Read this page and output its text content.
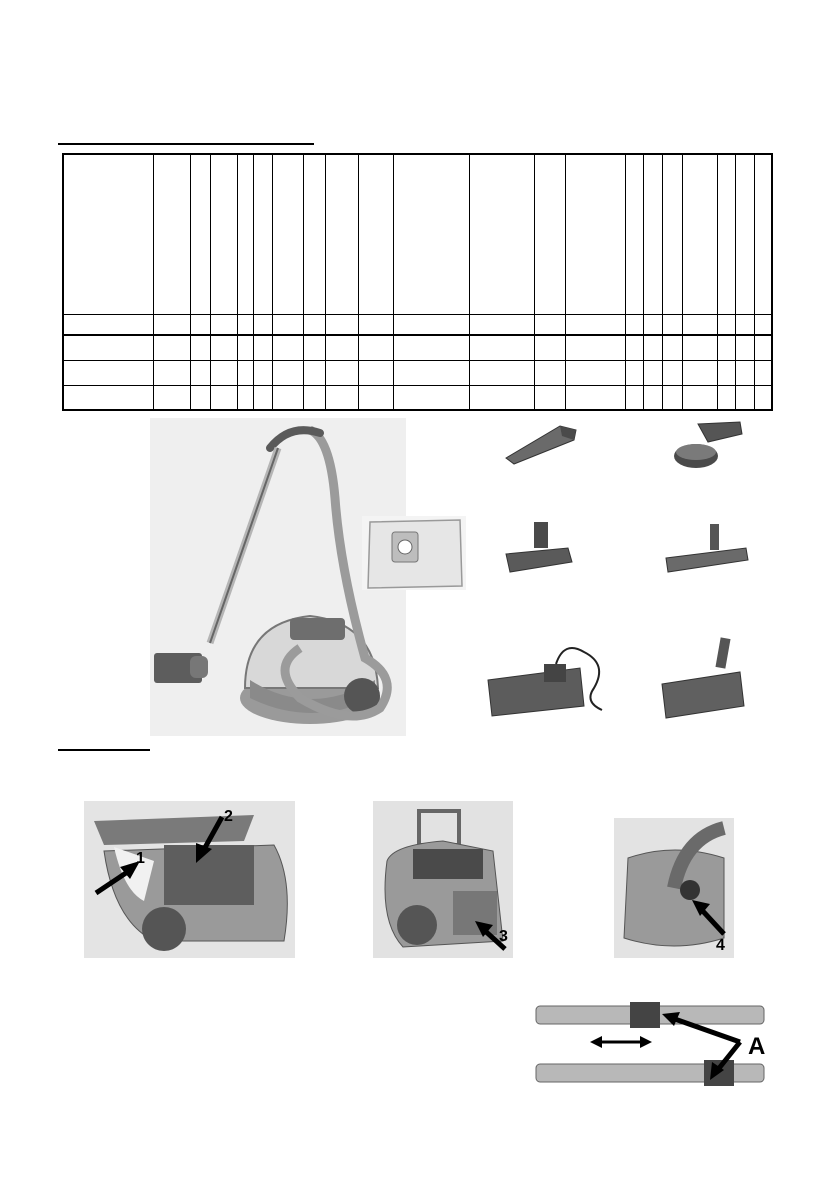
1
2
3
4
A
